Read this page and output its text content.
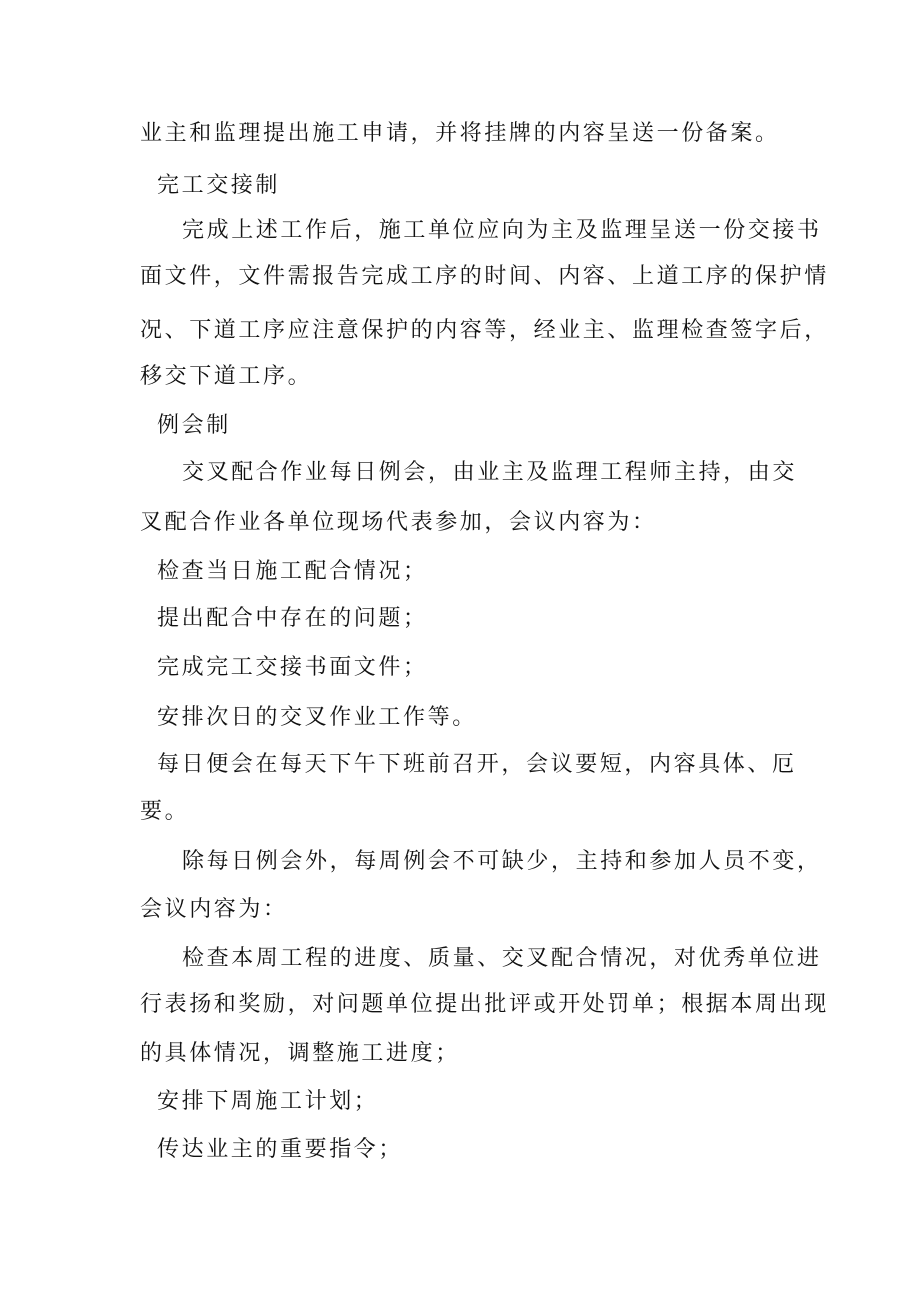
业主和监理提出施工申请，并将挂牌的内容呈送一份备案。
完工交接制
完成上述工作后，施工单位应向为主及监理呈送一份交接书
面文件，文件需报告完成工序的时间、内容、上道工序的保护情
况、下道工序应注意保护的内容等，经业主、监理检查签字后，
移交下道工序。
例会制
交叉配合作业每日例会，由业主及监理工程师主持，由交
叉配合作业各单位现场代表参加，会议内容为：
检查当日施工配合情况；
提出配合中存在的问题；
完成完工交接书面文件；
安排次日的交叉作业工作等。
每日便会在每天下午下班前召开，会议要短，内容具体、厄
要。
除每日例会外，每周例会不可缺少，主持和参加人员不变，
会议内容为：
检查本周工程的进度、质量、交叉配合情况，对优秀单位进
行表扬和奖励，对问题单位提出批评或开处罚单；根据本周出现
的具体情况，调整施工进度；
安排下周施工计划；
传达业主的重要指令；
